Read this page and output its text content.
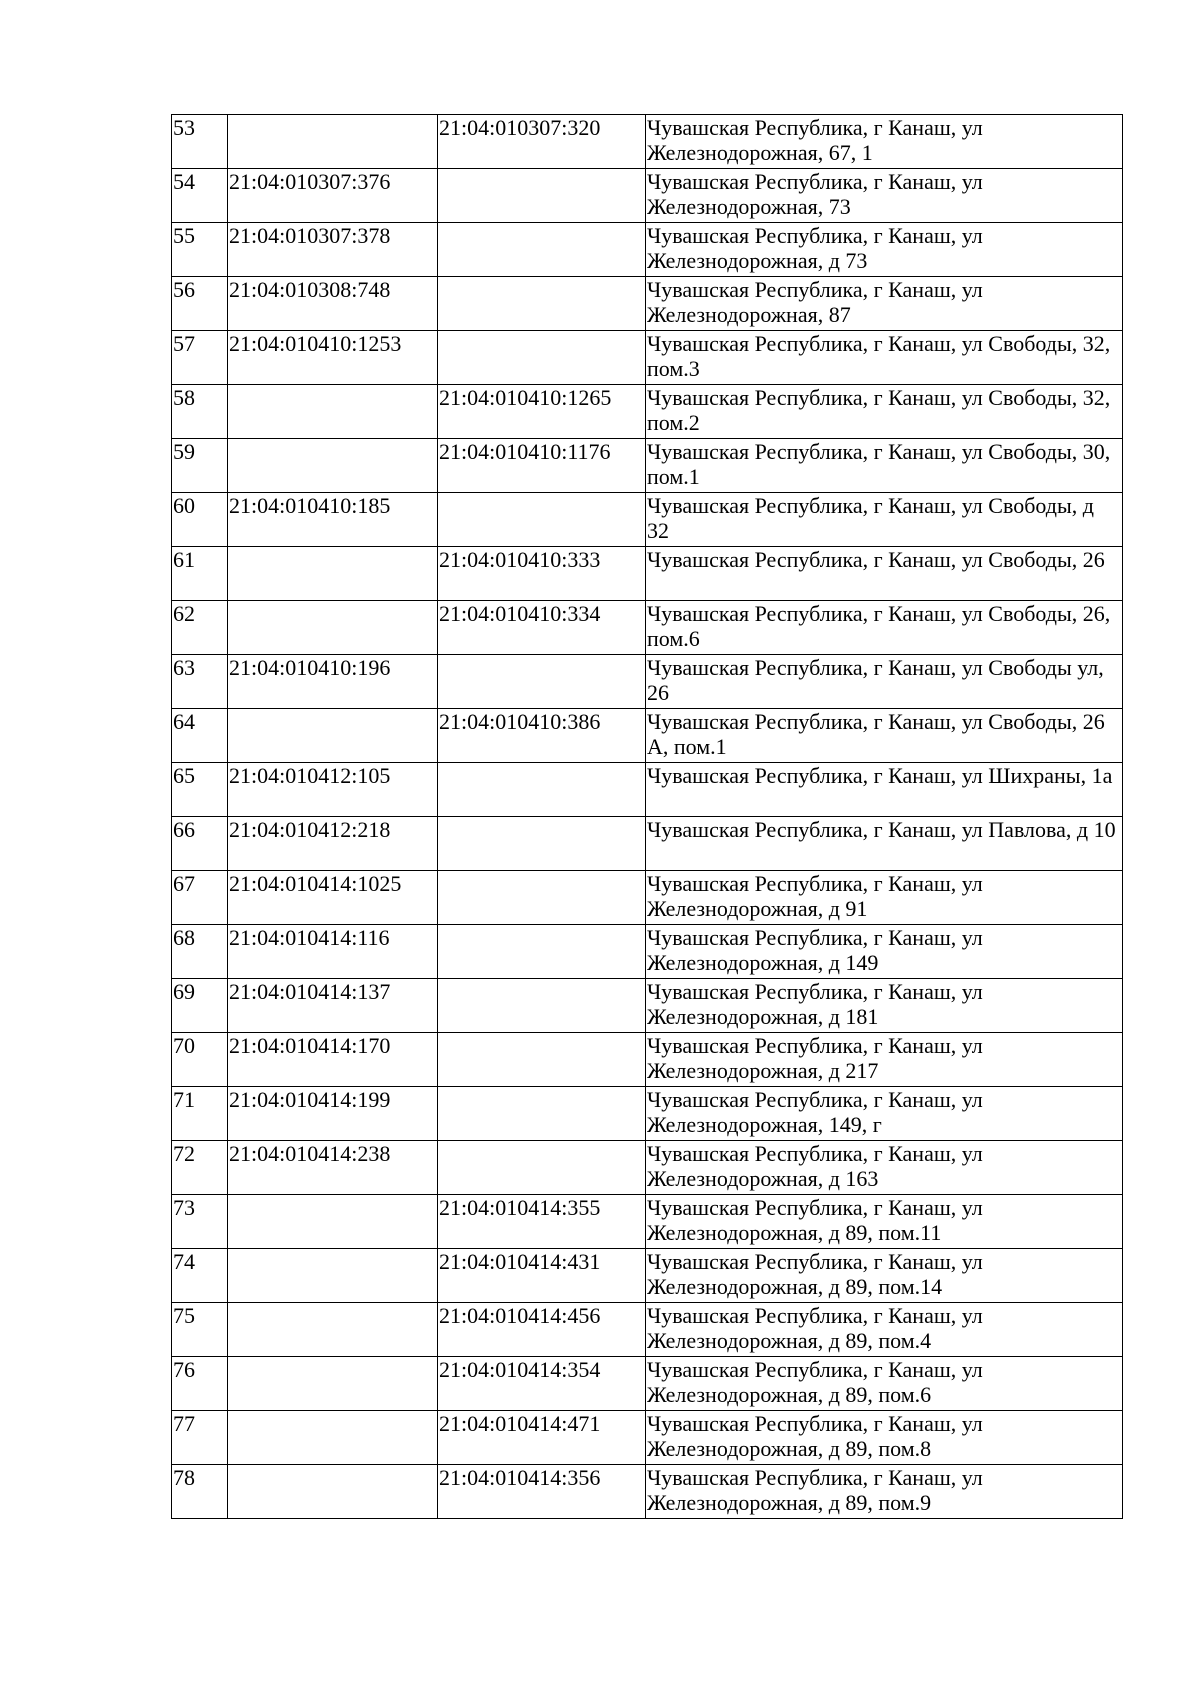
53		21:04:010307:320	Чувашская Республика, г Канаш, ул Железнодорожная, 67, 1
54	21:04:010307:376		Чувашская Республика, г Канаш, ул Железнодорожная, 73
55	21:04:010307:378		Чувашская Республика, г Канаш, ул Железнодорожная, д 73
56	21:04:010308:748		Чувашская Республика, г Канаш, ул Железнодорожная, 87
57	21:04:010410:1253		Чувашская Республика, г Канаш, ул Свободы, 32, пом.3
58		21:04:010410:1265	Чувашская Республика, г Канаш, ул Свободы, 32, пом.2
59		21:04:010410:1176	Чувашская Республика, г Канаш, ул Свободы, 30, пом.1
60	21:04:010410:185		Чувашская Республика, г Канаш, ул Свободы, д 32
61		21:04:010410:333	Чувашская Республика, г Канаш, ул Свободы, 26
62		21:04:010410:334	Чувашская Республика, г Канаш, ул Свободы, 26, пом.6
63	21:04:010410:196		Чувашская Республика, г Канаш, ул Свободы ул, 26
64		21:04:010410:386	Чувашская Республика, г Канаш, ул Свободы, 26 А, пом.1
65	21:04:010412:105		Чувашская Республика, г Канаш, ул Шихраны, 1а
66	21:04:010412:218		Чувашская Республика, г Канаш, ул Павлова, д 10
67	21:04:010414:1025		Чувашская Республика, г Канаш, ул Железнодорожная, д 91
68	21:04:010414:116		Чувашская Республика, г Канаш, ул Железнодорожная, д 149
69	21:04:010414:137		Чувашская Республика, г Канаш, ул Железнодорожная, д 181
70	21:04:010414:170		Чувашская Республика, г Канаш, ул Железнодорожная, д 217
71	21:04:010414:199		Чувашская Республика, г Канаш, ул Железнодорожная, 149, г
72	21:04:010414:238		Чувашская Республика, г Канаш, ул Железнодорожная, д 163
73		21:04:010414:355	Чувашская Республика, г Канаш, ул Железнодорожная, д 89, пом.11
74		21:04:010414:431	Чувашская Республика, г Канаш, ул Железнодорожная, д 89, пом.14
75		21:04:010414:456	Чувашская Республика, г Канаш, ул Железнодорожная, д 89, пом.4
76		21:04:010414:354	Чувашская Республика, г Канаш, ул Железнодорожная, д 89, пом.6
77		21:04:010414:471	Чувашская Республика, г Канаш, ул Железнодорожная, д 89, пом.8
78		21:04:010414:356	Чувашская Республика, г Канаш, ул Железнодорожная, д 89, пом.9
